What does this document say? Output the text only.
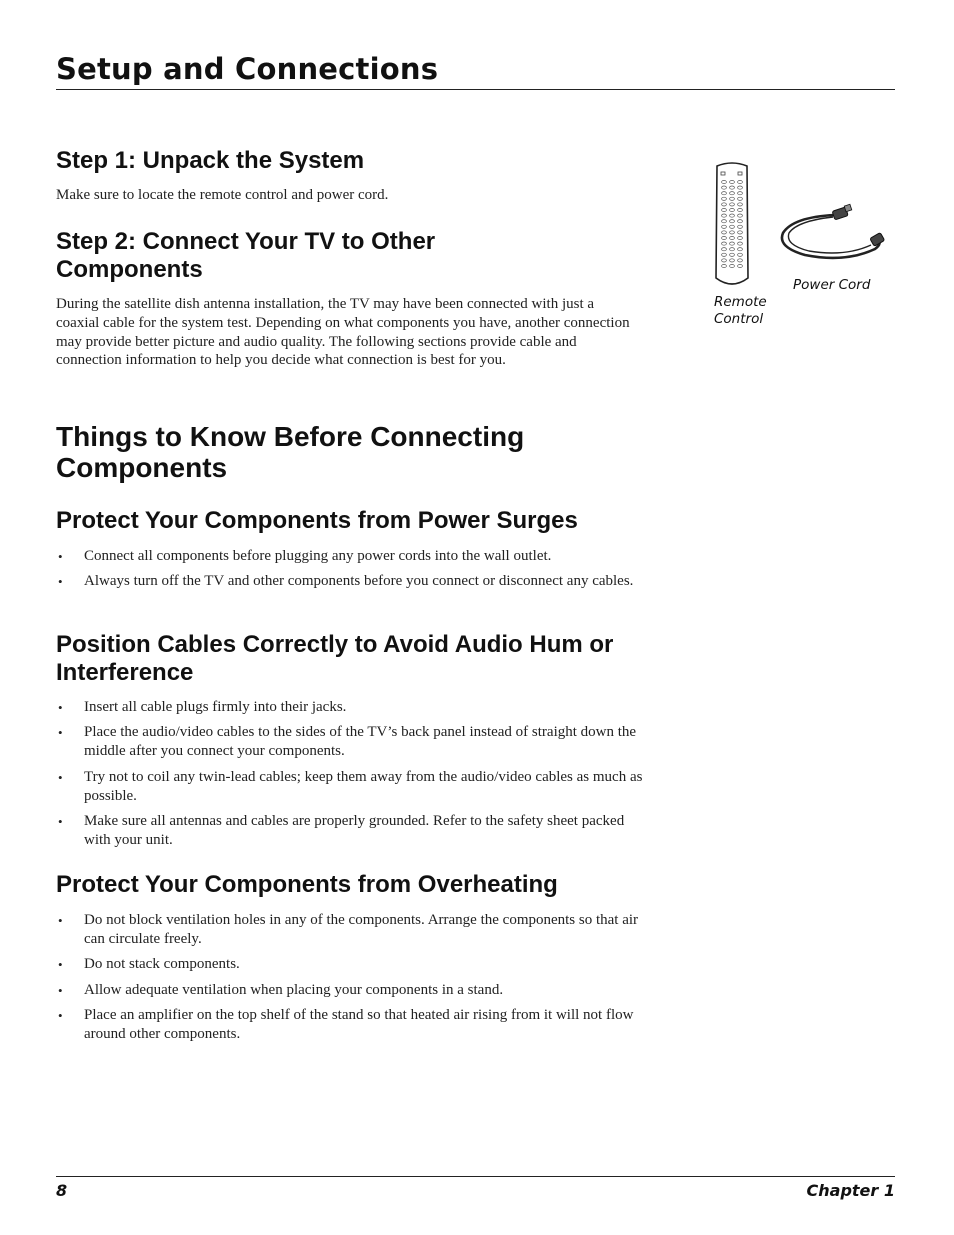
Setup and Connections
Step 1: Unpack the System

Make sure to locate the remote control and power cord.

Step 2: Connect Your TV to Other Components

During the satellite dish antenna installation, the TV may have been connected with just a coaxial cable for the system test. Depending on what components you have, another connection may provide better picture and audio quality. The following sections provide cable and connection information to help you decide what connection is best for you.

Remote Control

Power Cord

Things to Know Before Connecting Components
Protect Your Components from Power Surges
• Connect all components before plugging any power cords into the wall outlet.
• Always turn off the TV and other components before you connect or disconnect any cables.
Position Cables Correctly to Avoid Audio Hum or Interference
• Insert all cable plugs firmly into their jacks.
• Place the audio/video cables to the sides of the TV’s back panel instead of straight down the middle after you connect your components.
• Try not to coil any twin-lead cables; keep them away from the audio/video cables as much as possible.
• Make sure all antennas and cables are properly grounded. Refer to the safety sheet packed with your unit.
Protect Your Components from Overheating
• Do not block ventilation holes in any of the components. Arrange the components so that air can circulate freely.
• Do not stack components.
• Allow adequate ventilation when placing your components in a stand.
• Place an amplifier on the top shelf of the stand so that heated air rising from it will not flow around other components.

8	Chapter 1
